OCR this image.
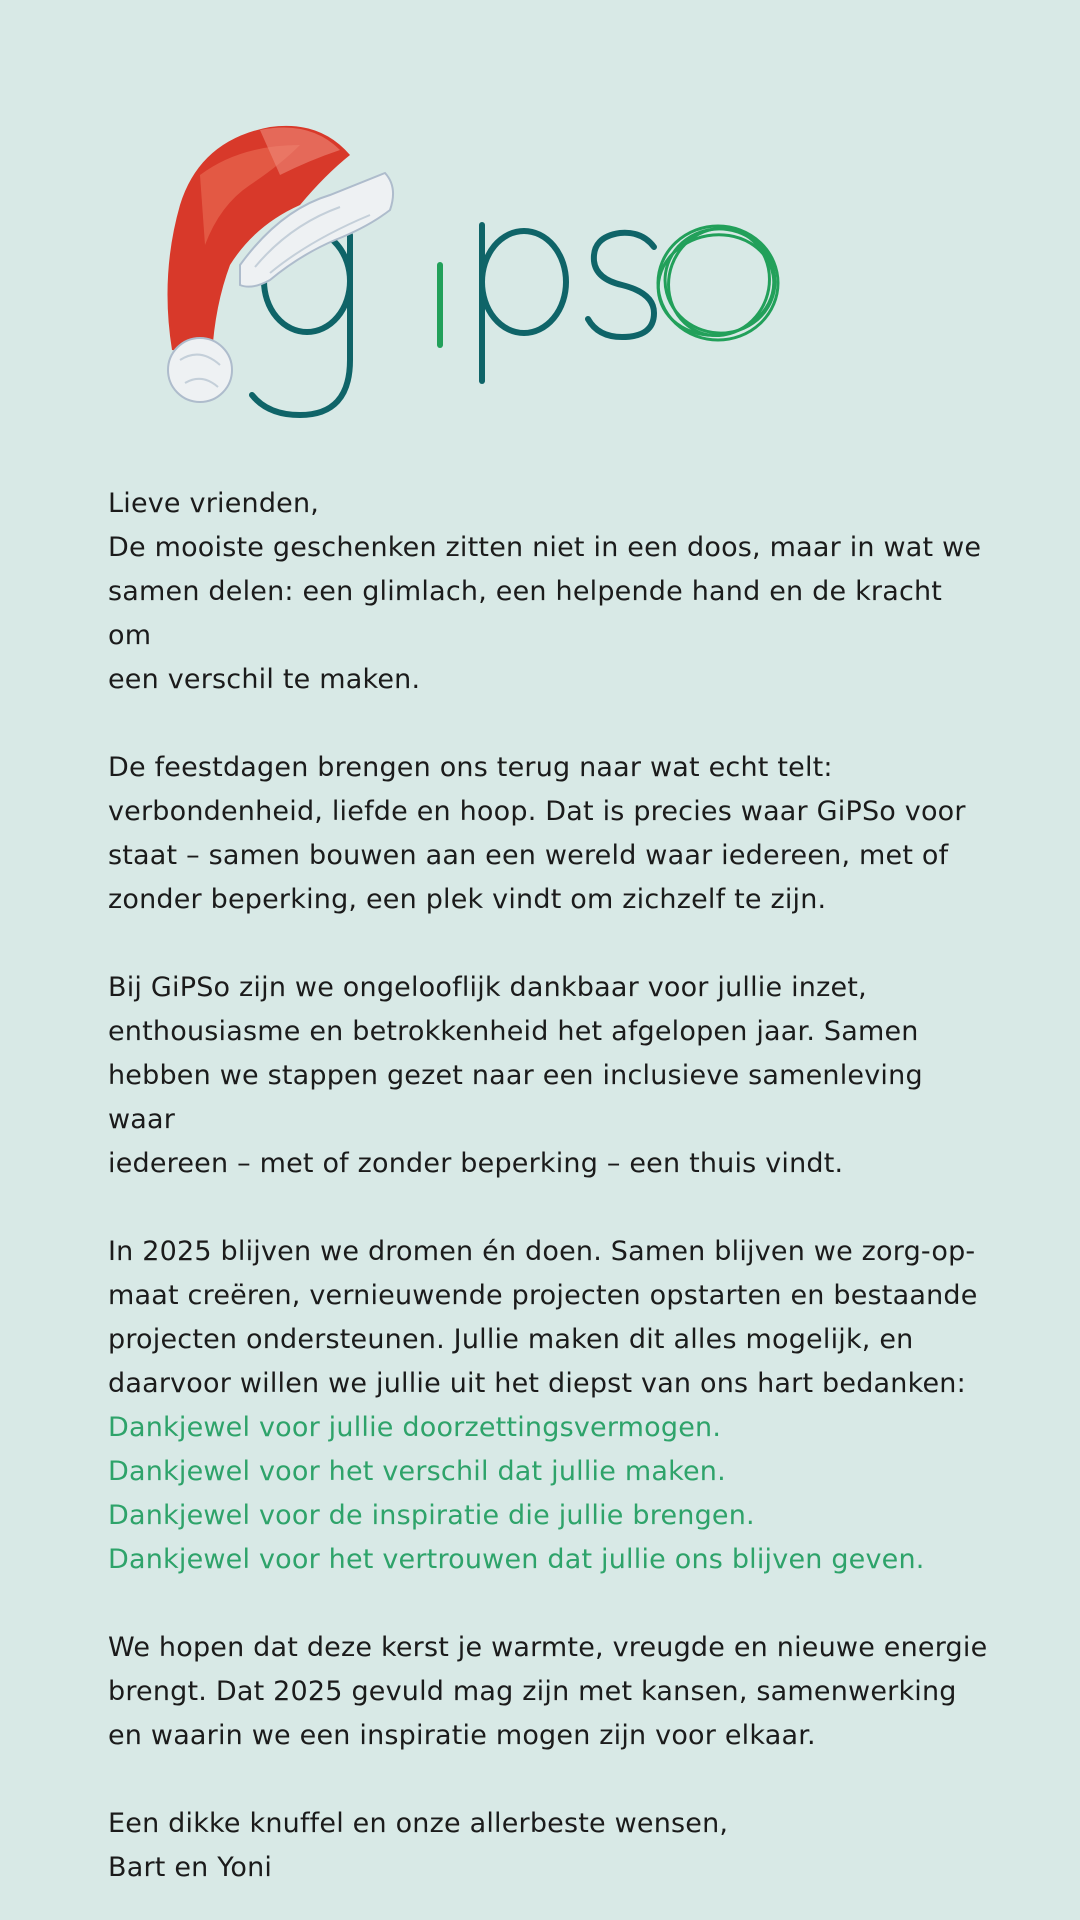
Lieve vrienden,

De mooiste geschenken zitten niet in een doos, maar in wat we

samen delen: een glimlach, een helpende hand en de kracht om

een verschil te maken.

De feestdagen brengen ons terug naar wat echt telt:

verbondenheid, liefde en hoop. Dat is precies waar GiPSo voor

staat – samen bouwen aan een wereld waar iedereen, met of

zonder beperking, een plek vindt om zichzelf te zijn.

Bij GiPSo zijn we ongelooflijk dankbaar voor jullie inzet,

enthousiasme en betrokkenheid het afgelopen jaar. Samen

hebben we stappen gezet naar een inclusieve samenleving waar

iedereen – met of zonder beperking – een thuis vindt.

In 2025 blijven we dromen én doen. Samen blijven we zorg-op-

maat creëren, vernieuwende projecten opstarten en bestaande

projecten ondersteunen. Jullie maken dit alles mogelijk, en

daarvoor willen we jullie uit het diepst van ons hart bedanken:

Dankjewel voor jullie doorzettingsvermogen.

Dankjewel voor het verschil dat jullie maken.

Dankjewel voor de inspiratie die jullie brengen.

Dankjewel voor het vertrouwen dat jullie ons blijven geven.

We hopen dat deze kerst je warmte, vreugde en nieuwe energie

brengt. Dat 2025 gevuld mag zijn met kansen, samenwerking

en waarin we een inspiratie mogen zijn voor elkaar.

Een dikke knuffel en onze allerbeste wensen,

Bart en Yoni
